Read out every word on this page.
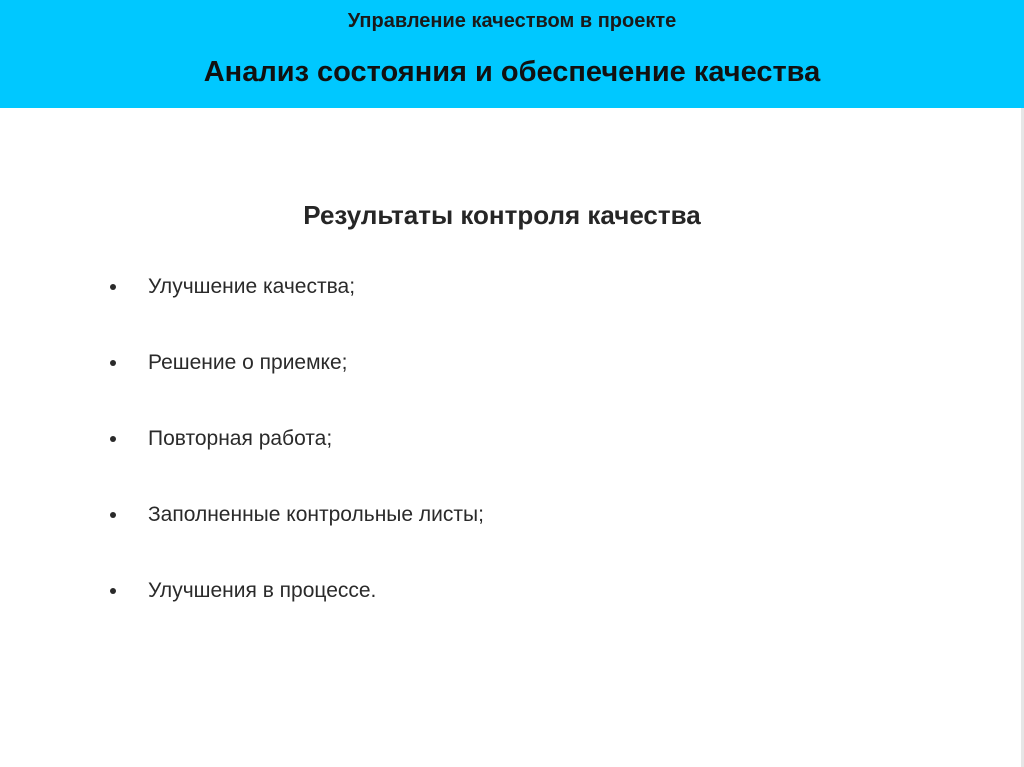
Управление качеством в проекте
Анализ состояния и обеспечение качества
Результаты контроля качества
Улучшение качества;
Решение о приемке;
Повторная работа;
Заполненные контрольные листы;
Улучшения в процессе.
